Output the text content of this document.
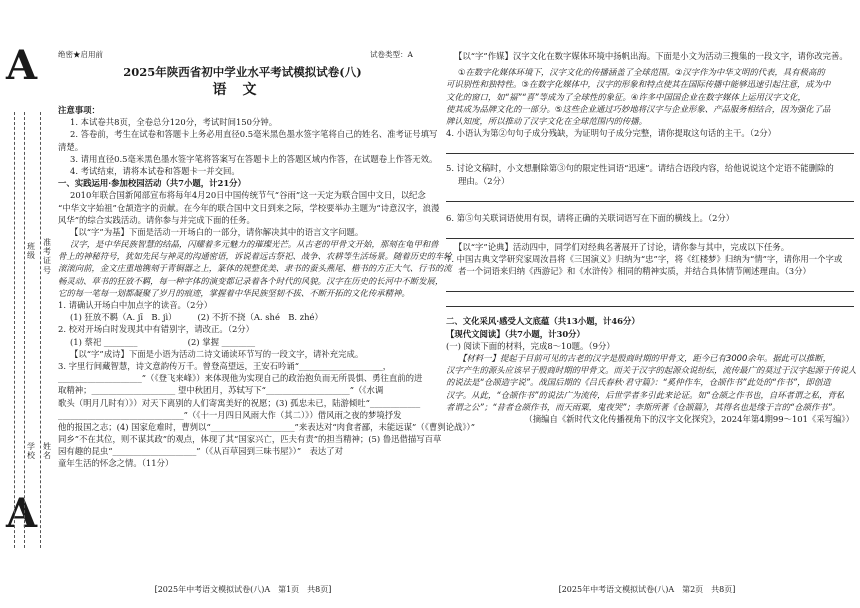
A
A
学校
姓名
班级
准考证号
绝密★启用前	试卷类型：A
2025年陕西省初中学业水平考试模拟试卷(八)
语文

注意事项：

1. 本试卷共8页，全卷总分120分，考试时间150分钟。

2. 答卷前，考生在试卷和答题卡上务必用直径0.5毫米黑色墨水签字笔将自己的姓名、准考证号填写

清楚。

3. 请用直径0.5毫米黑色墨水签字笔将答案写在答题卡上的答题区域内作答，在试题卷上作答无效。

4. 考试结束，请将本试卷和答题卡一并交回。

一、实践运用·参加校园活动（共7小题，计21分）

2010年联合国新闻部宣布将每年4月20日中国传统节气“谷雨”这一天定为联合国中文日，以纪念

“中华文字始祖”仓颉造字的贡献。在今年的联合国中文日到来之际，学校要举办主题为“诗意汉字，浪漫

风华”的综合实践活动。请你参与并完成下面的任务。

【以“字”为基】下面是活动一开场白的一部分，请你解决其中的语言文字问题。

汉字，是中华民族智慧的结晶，闪耀着多元魅力的璀璨光芒。从古老的甲骨文开始，那刻在龟甲和兽

骨上的神秘符号，犹如先民与神灵的沟通密语，诉说着远古祭祀、战争、农耕等生活场景。随着历史的车轮

滚滚向前，金文庄重地镌刻于青铜器之上，篆体的规整优美、隶书的蚕头燕尾、楷书的方正大气、行书的流

畅灵动、草书的狂放不羁，每一种字体的演变都记录着各个时代的风貌。汉字在历史的长河中不断发展，

它的每一笔每一划都凝聚了岁月的痕迹，掌握着中华民族坚韧不拔、不断开拓的文化传承精神。

1. 请确认开场白中加点字的读音。（2分）

(1) 狂放不羁（A. jī　B. jì）　　　(2) 不折不挠（A. shé　B. zhé）

2. 校对开场白时发现其中有错别字，请改正。（2分）

(1) 蔡祀 ________　　　　　　(2) 掌握 ________

【以“字”成诗】下面是小语为活动二诗文诵读环节写的一段文字，请补充完成。

3. 字里行间藏智慧，诗文意韵传万千。曾登高望远，王安石吟诵“____________________，

____________________”（《登飞来峰》）来体现他为实现自己的政治抱负而无所畏惧、勇往直前的进

取精神；____________________ 望中秋团月，苏轼写下“____________________”（《水调

歌头（明月几时有）》）对天下离别的人们寄寓美好的祝愿；(3) 孤忠未已，陆游倾吐“____________

______________________________”（《十一月四日风雨大作（其二）》）借风雨之夜的梦境抒发

他的报国之志；(4) 国家危难时，曹刿以“____________________”来表达对“肉食者鄙，未能远谋”（《曹刿论战》）”

同乡”不在其位，则不谋其政”的观点，体现了其“国家兴亡，匹夫有责”的担当精神；(5) 鲁迅借描写百草

园有趣的昆虫“____________________”（《从百草园到三味书屋》）”　表达了对

童年生活的怀念之情。（11分）

[2025年中考语文模拟试卷(八)A　第1页　共8页]

【以“字”作媒】汉字文化在数字媒体环境中扬帆出海。下面是小文为活动三搜集的一段文字，请你改完善。

①在数字化媒体环境下，汉字文化的传播涵盖了全球范围。②汉字作为中华文明的代表，具有极高的

可识别性和独特性。③在数字化媒体中，汉字的形象和特点使其在国际传播中能够迅速引起注意，成为中

文化的窗口，如“福”“喜”等成为了全球性的象征。④许多中国国企业在数字媒体上运用汉字文化，

使其成为品牌文化的一部分。⑤这些企业通过巧妙地将汉字与企业形象、产品服务相结合，因为强化了品

牌认知度，所以推动了汉字文化在全球范围内的传播。

4. 小语认为第②句句子成分残缺，为证明句子成分完整，请你提取这句话的主干。（2分）

5. 讨论文稿时，小文想删除第③句的限定性词语“迅速”。请结合语段内容，给他说说这个定语不能删除的

理由。（2分）

6. 第⑤句关联词语使用有误，请将正确的关联词语写在下面的横线上。（2分）

【以“字”论典】活动四中，同学们对经典名著展开了讨论，请你参与其中，完成以下任务。

7. 中国古典文学研究家周汝昌将《三国演义》归纳为“忠”字，将《红楼梦》归纳为“情”字，请你用一个字或

者一个词语来归纳《西游记》和《水浒传》相同的精神实质，并结合具体情节阐述理由。（3分）

二、文化采风·感受人文底蕴（共13小题，计46分）

【现代文阅读】（共7小题，计30分）

(一) 阅读下面的材料，完成8～10题。（9分）

【材料一】提起于目前可见的古老的汉字是殷商时期的甲骨文，距今已有3000余年。据此可以推断，

汉字产生的源头应该早于殷商时期的甲骨文。而关于汉字的起源众说纷纭，流传最广的莫过于汉字起源于传说人

的说法是“仓颉造字说”。战国后期的《吕氏春秋·君守篇》：“奚仲作车，仓颉作书”此处的“作书”，即创造

汉字。从此，“仓颉作书”的说法广为流传，后世学者多引此来论证。如“仓颉之作书也，自环者谓之私，背私

者谓之公”；“昔者仓颉作书，而天雨粟，鬼夜哭”；李斯所著《仓颉篇》，其得名也是缘于言的“仓颉作书”。

（摘编自《新时代文化传播视角下的汉字文化探究》，2024年第4期99～101《采写编》）

[2025年中考语文模拟试卷(八)A　第2页　共8页]
